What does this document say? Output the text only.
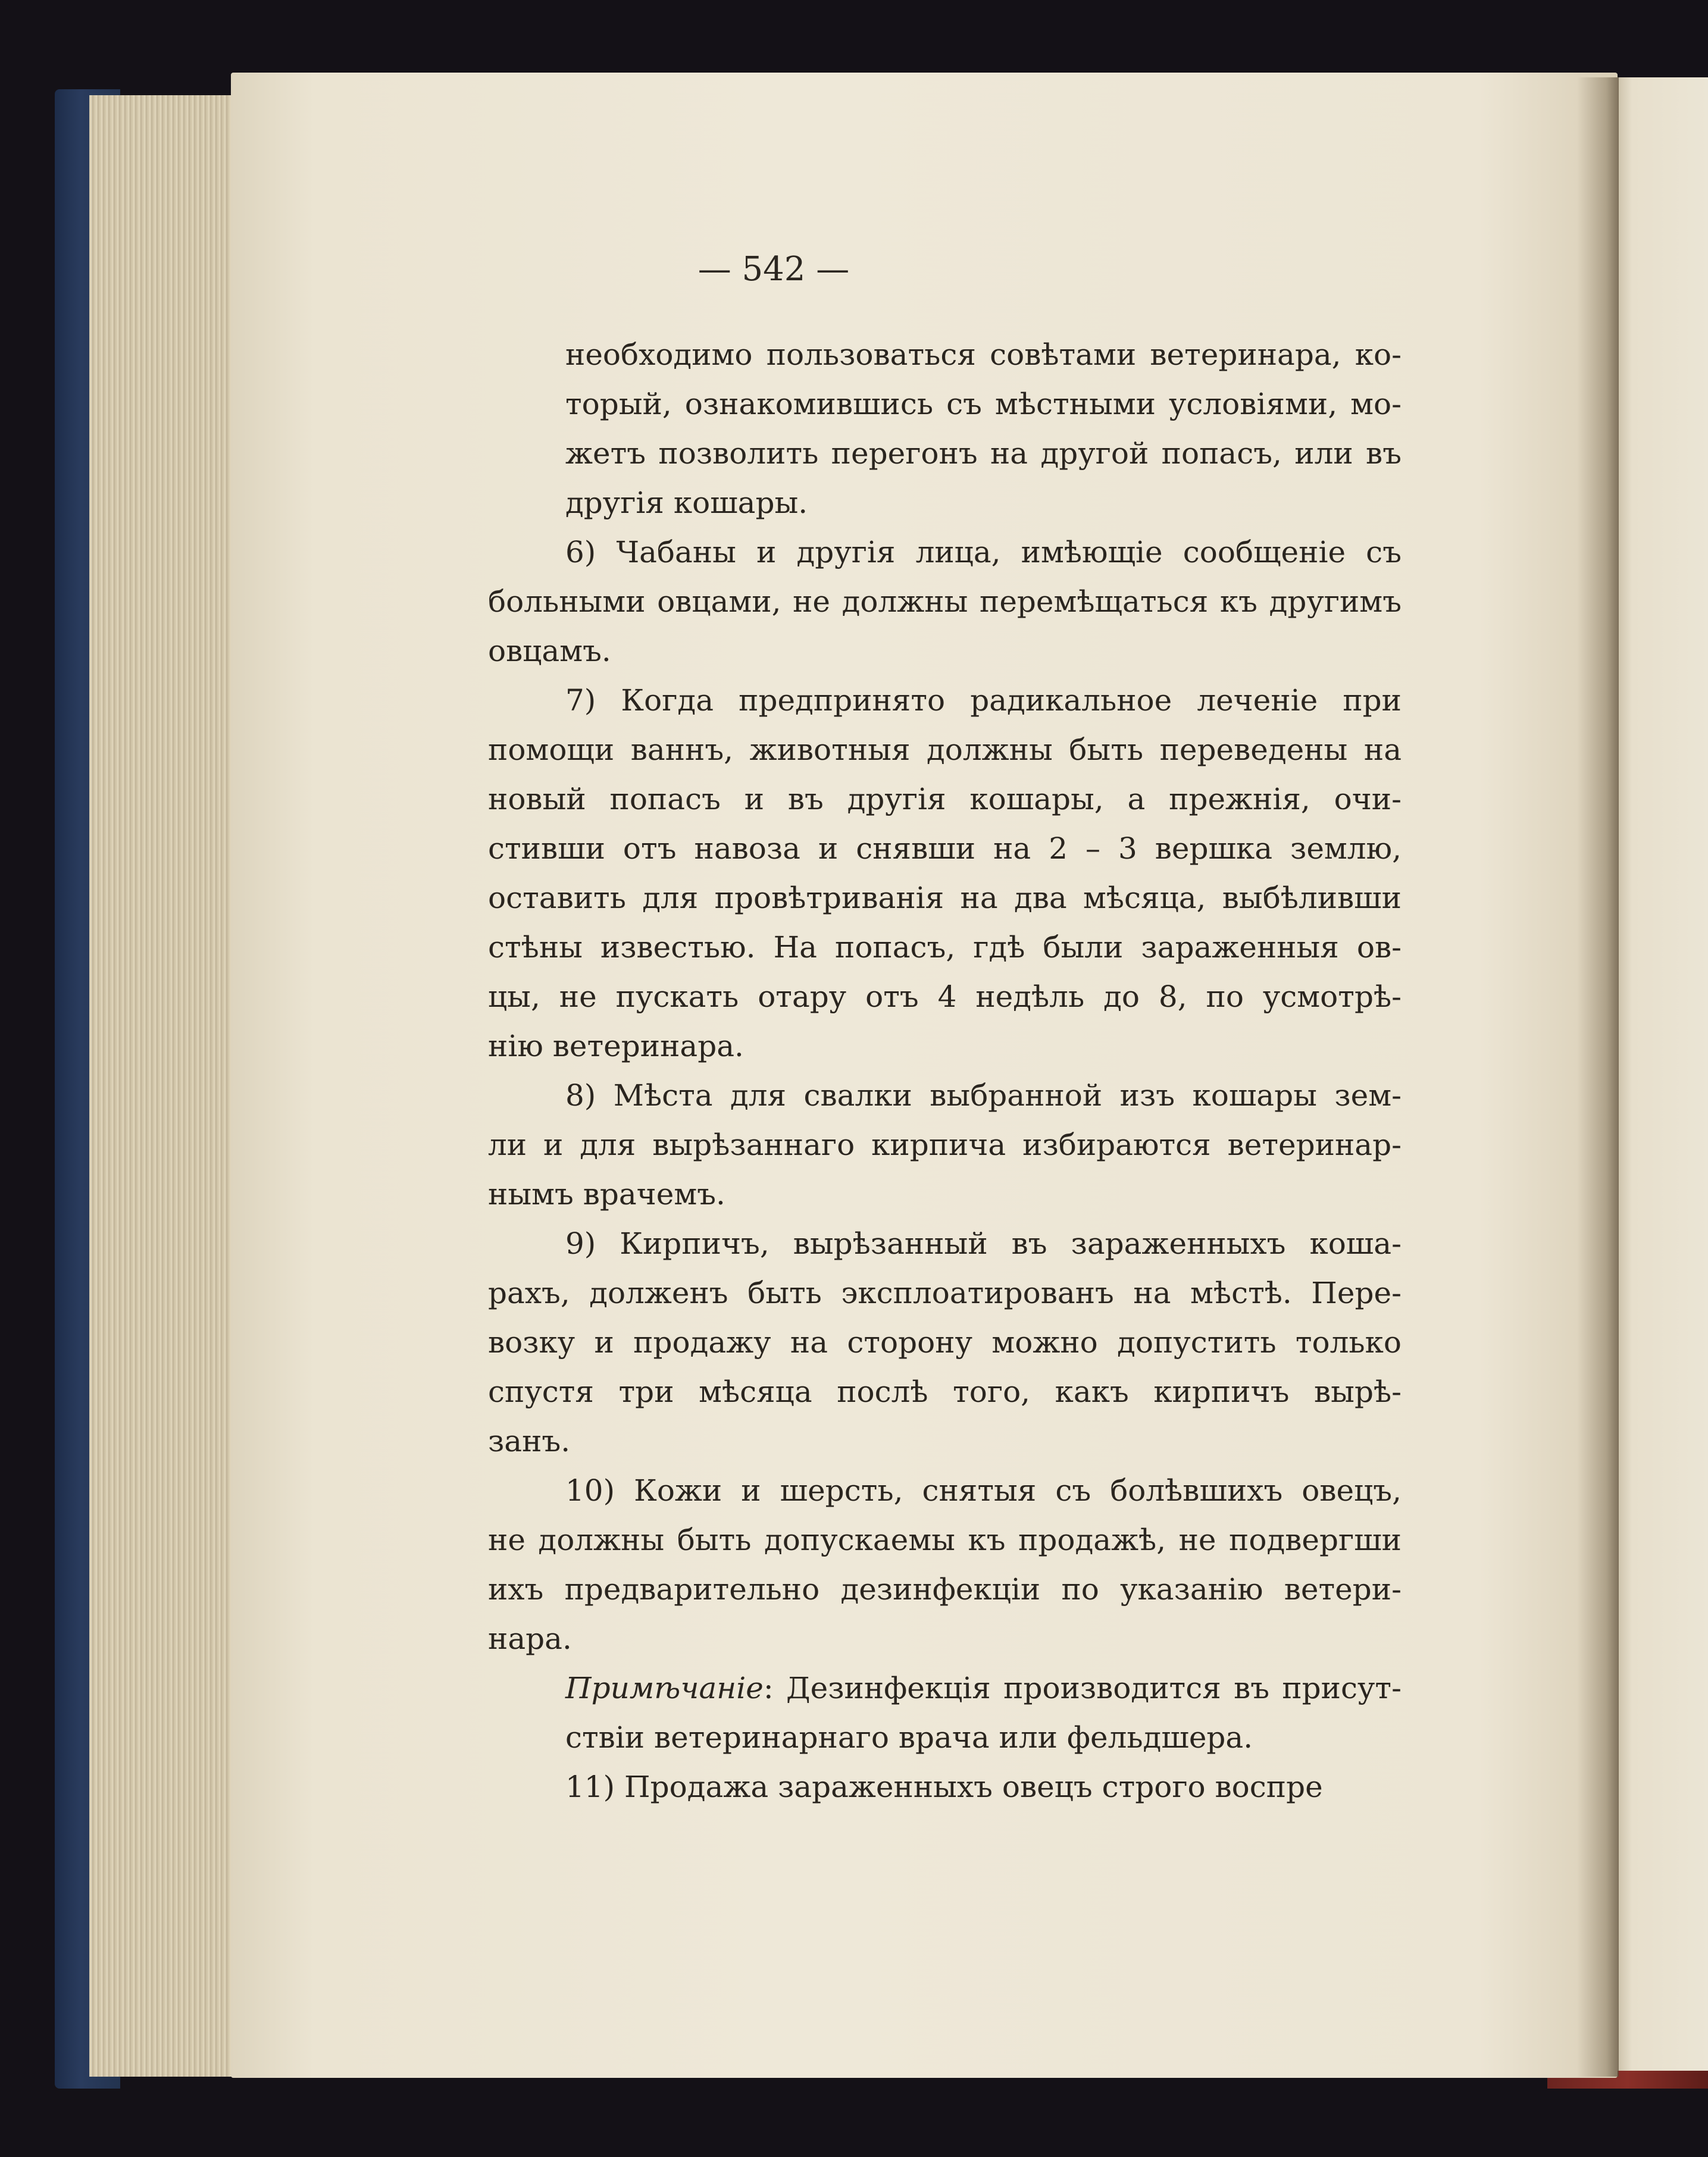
— 542 —
необходимо пользоваться совѣтами ветеринара, ко-
торый, ознакомившись съ мѣстными условіями, мо-
жетъ позволить перегонъ на другой попасъ, или въ
другія кошары.
6) Чабаны и другія лица, имѣющіе сообщеніе съ
больными овцами, не должны перемѣщаться къ другимъ
овцамъ.
7) Когда предпринято радикальное леченіе при
помощи ваннъ, животныя должны быть переведены на
новый попасъ и въ другія кошары, а прежнія, очи-
стивши отъ навоза и снявши на 2 – 3 вершка землю,
оставить для провѣтриванія на два мѣсяца, выбѣливши
стѣны известью. На попасъ, гдѣ были зараженныя ов-
цы, не пускать отару отъ 4 недѣль до 8, по усмотрѣ-
нію ветеринара.
8) Мѣста для свалки выбранной изъ кошары зем-
ли и для вырѣзаннаго кирпича избираются ветеринар-
нымъ врачемъ.
9) Кирпичъ, вырѣзанный въ зараженныхъ коша-
рахъ, долженъ быть эксплоатированъ на мѣстѣ. Пере-
возку и продажу на сторону можно допустить только
спустя три мѣсяца послѣ того, какъ кирпичъ вырѣ-
занъ.
10) Кожи и шерсть, снятыя съ болѣвшихъ овецъ,
не должны быть допускаемы къ продажѣ, не подвергши
ихъ предварительно дезинфекціи по указанію ветери-
нара.
Примѣчаніе: Дезинфекція производится въ присут-
ствіи ветеринарнаго врача или фельдшера.
11) Продажа зараженныхъ овецъ строго воспре
